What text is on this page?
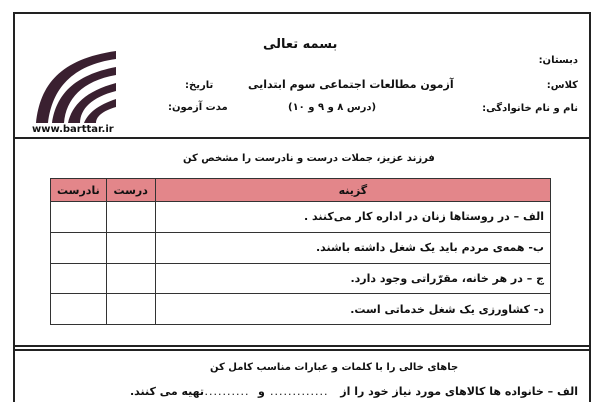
بسمه تعالی
آزمون مطالعات اجتماعی سوم ابتدایی
(درس ۸ و ۹ و ۱۰)
دبستان:
کلاس:
نام و نام خانوادگی:
تاریخ:
مدت آزمون:
www.barttar.ir
فرزند عزیز، جملات درست و نادرست را مشخص کن
گزینه	درست	نادرست
الف – در روستاها زنان در اداره کار می‌کنند .		
ب- همه‌ی مردم باید یک شغل داشته باشند.		
ج – در هر خانه، مقرّراتی وجود دارد.		
د- کشاورزی یک شغل خدماتی است.		
جاهای خالی را با کلمات و عبارات مناسب کامل کن
الف – خانواده ها کالاهای مورد نیاز خود را از
.............
و
...........
تهیه می کنند.
